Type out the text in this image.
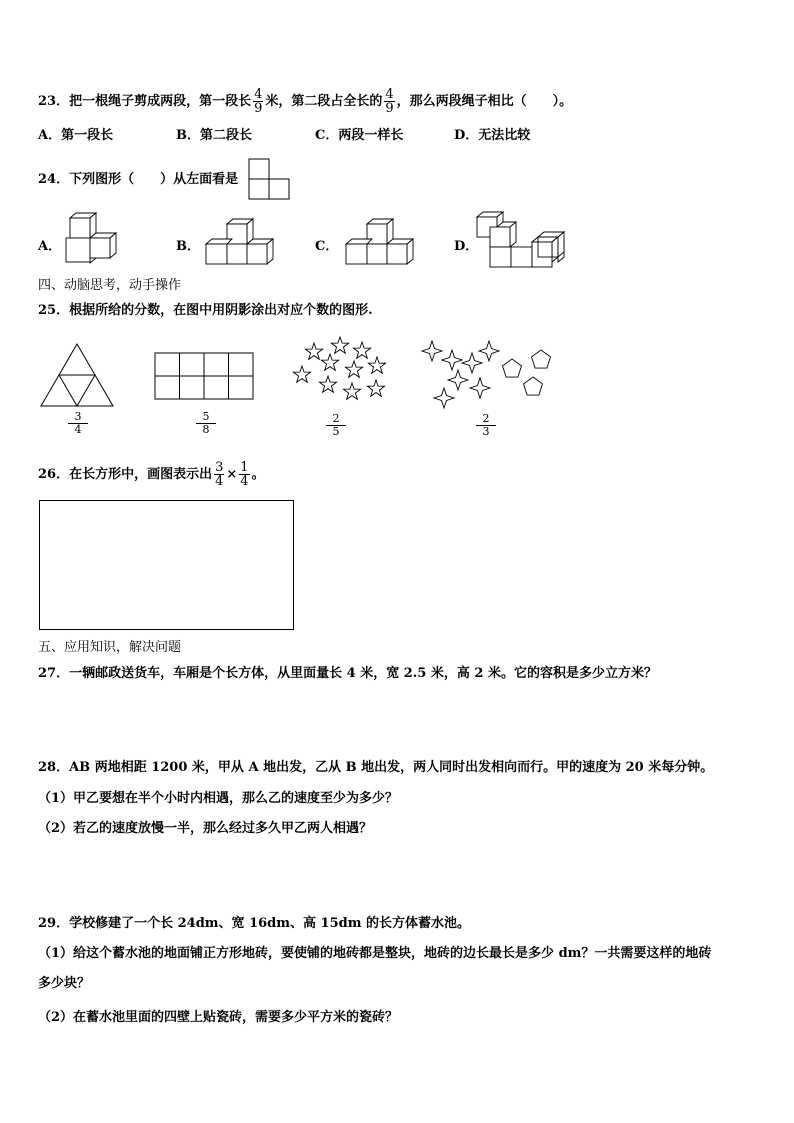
23．把一根绳子剪成两段，第一段长 $\frac{4}{9}$ 米，第二段占全长的 $\frac{4}{9}$ ，那么两段绳子相比（　　）。
A．第一段长	B．第二段长	C．两段一样长	D．无法比较
24．下列图形（　　）从左面看是
A．	B．	C．	D．
四、动脑思考，动手操作
25．根据所给的分数，在图中用阴影涂出对应个数的图形.
$\frac{3}{4}$	$\frac{5}{8}$	$\frac{2}{5}$	$\frac{2}{3}$
26．在长方形中，画图表示出 $\frac{3}{4} \times \frac{1}{4}$ 。
五、应用知识，解决问题
27．一辆邮政送货车，车厢是个长方体，从里面量长 4 米，宽 2.5 米，高 2 米。它的容积是多少立方米？
28．AB 两地相距 1200 米，甲从 A 地出发，乙从 B 地出发，两人同时出发相向而行。甲的速度为 20 米每分钟。
（1）甲乙要想在半个小时内相遇，那么乙的速度至少为多少？
（2）若乙的速度放慢一半，那么经过多久甲乙两人相遇？
29．学校修建了一个长 24dm、宽 16dm、高 15dm 的长方体蓄水池。
（1）给这个蓄水池的地面铺正方形地砖，要使铺的地砖都是整块，地砖的边长最长是多少 dm？一共需要这样的地砖
多少块？
（2）在蓄水池里面的四壁上贴瓷砖，需要多少平方米的瓷砖？
